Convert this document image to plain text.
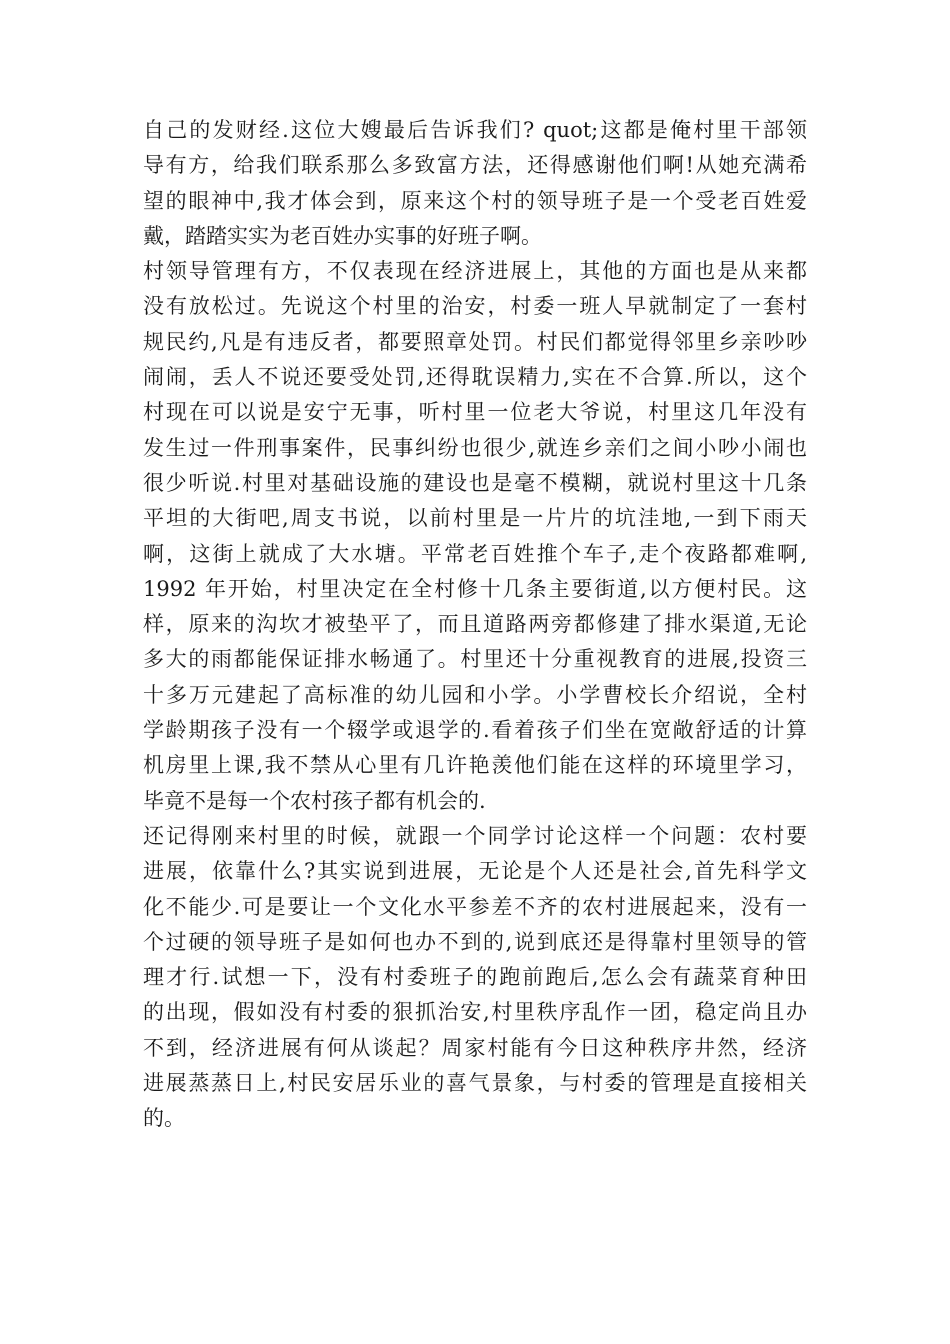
自己的发财经.这位大嫂最后告诉我们? quot;这都是俺村里干部领
导有方，给我们联系那么多致富方法，还得感谢他们啊!从她充满希
望的眼神中,我才体会到，原来这个村的领导班子是一个受老百姓爱
戴，踏踏实实为老百姓办实事的好班子啊。
村领导管理有方，不仅表现在经济进展上，其他的方面也是从来都
没有放松过。先说这个村里的治安，村委一班人早就制定了一套村
规民约,凡是有违反者，都要照章处罚。村民们都觉得邻里乡亲吵吵
闹闹，丢人不说还要受处罚,还得耽误精力,实在不合算.所以，这个
村现在可以说是安宁无事，听村里一位老大爷说，村里这几年没有
发生过一件刑事案件，民事纠纷也很少,就连乡亲们之间小吵小闹也
很少听说.村里对基础设施的建设也是毫不模糊，就说村里这十几条
平坦的大街吧,周支书说，以前村里是一片片的坑洼地,一到下雨天
啊，这街上就成了大水塘。平常老百姓推个车子,走个夜路都难啊,
1992 年开始，村里决定在全村修十几条主要街道,以方便村民。这
样，原来的沟坎才被垫平了，而且道路两旁都修建了排水渠道,无论
多大的雨都能保证排水畅通了。村里还十分重视教育的进展,投资三
十多万元建起了高标准的幼儿园和小学。小学曹校长介绍说，全村
学龄期孩子没有一个辍学或退学的.看着孩子们坐在宽敞舒适的计算
机房里上课,我不禁从心里有几许艳羡他们能在这样的环境里学习，
毕竟不是每一个农村孩子都有机会的.
还记得刚来村里的时候，就跟一个同学讨论这样一个问题：农村要
进展，依靠什么?其实说到进展，无论是个人还是社会,首先科学文
化不能少.可是要让一个文化水平参差不齐的农村进展起来，没有一
个过硬的领导班子是如何也办不到的,说到底还是得靠村里领导的管
理才行.试想一下，没有村委班子的跑前跑后,怎么会有蔬菜育种田
的出现，假如没有村委的狠抓治安,村里秩序乱作一团，稳定尚且办
不到，经济进展有何从谈起？周家村能有今日这种秩序井然，经济
进展蒸蒸日上,村民安居乐业的喜气景象，与村委的管理是直接相关
的。
